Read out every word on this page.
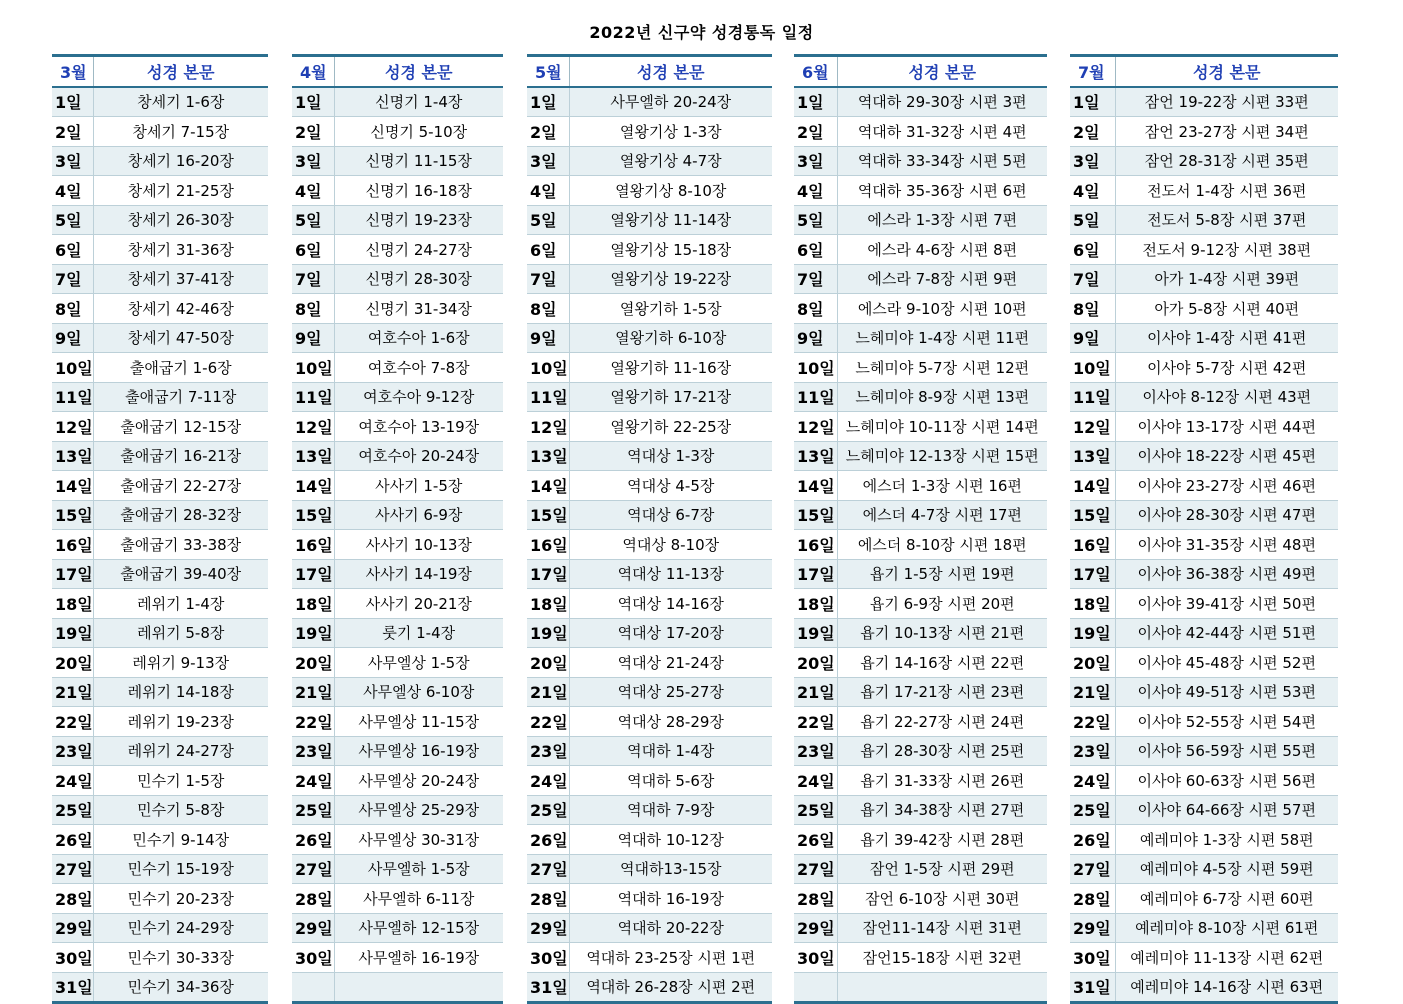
2022년 신구약 성경통독 일정
3월	성경 본문
1일	창세기 1-6장
2일	창세기 7-15장
3일	창세기 16-20장
4일	창세기 21-25장
5일	창세기 26-30장
6일	창세기 31-36장
7일	창세기 37-41장
8일	창세기 42-46장
9일	창세기 47-50장
10일	출애굽기 1-6장
11일	출애굽기 7-11장
12일	출애굽기 12-15장
13일	출애굽기 16-21장
14일	출애굽기 22-27장
15일	출애굽기 28-32장
16일	출애굽기 33-38장
17일	출애굽기 39-40장
18일	레위기 1-4장
19일	레위기 5-8장
20일	레위기 9-13장
21일	레위기 14-18장
22일	레위기 19-23장
23일	레위기 24-27장
24일	민수기 1-5장
25일	민수기 5-8장
26일	민수기 9-14장
27일	민수기 15-19장
28일	민수기 20-23장
29일	민수기 24-29장
30일	민수기 30-33장
31일	민수기 34-36장
4월	성경 본문
1일	신명기 1-4장
2일	신명기 5-10장
3일	신명기 11-15장
4일	신명기 16-18장
5일	신명기 19-23장
6일	신명기 24-27장
7일	신명기 28-30장
8일	신명기 31-34장
9일	여호수아 1-6장
10일	여호수아 7-8장
11일	여호수아 9-12장
12일	여호수아 13-19장
13일	여호수아 20-24장
14일	사사기 1-5장
15일	사사기 6-9장
16일	사사기 10-13장
17일	사사기 14-19장
18일	사사기 20-21장
19일	룻기 1-4장
20일	사무엘상 1-5장
21일	사무엘상 6-10장
22일	사무엘상 11-15장
23일	사무엘상 16-19장
24일	사무엘상 20-24장
25일	사무엘상 25-29장
26일	사무엘상 30-31장
27일	사무엘하 1-5장
28일	사무엘하 6-11장
29일	사무엘하 12-15장
30일	사무엘하 16-19장

5월	성경 본문
1일	사무엘하 20-24장
2일	열왕기상 1-3장
3일	열왕기상 4-7장
4일	열왕기상 8-10장
5일	열왕기상 11-14장
6일	열왕기상 15-18장
7일	열왕기상 19-22장
8일	열왕기하 1-5장
9일	열왕기하 6-10장
10일	열왕기하 11-16장
11일	열왕기하 17-21장
12일	열왕기하 22-25장
13일	역대상 1-3장
14일	역대상 4-5장
15일	역대상 6-7장
16일	역대상 8-10장
17일	역대상 11-13장
18일	역대상 14-16장
19일	역대상 17-20장
20일	역대상 21-24장
21일	역대상 25-27장
22일	역대상 28-29장
23일	역대하 1-4장
24일	역대하 5-6장
25일	역대하 7-9장
26일	역대하 10-12장
27일	역대하13-15장
28일	역대하 16-19장
29일	역대하 20-22장
30일	역대하 23-25장 시편 1편
31일	역대하 26-28장 시편 2편
6월	성경 본문
1일	역대하 29-30장 시편 3편
2일	역대하 31-32장 시편 4편
3일	역대하 33-34장 시편 5편
4일	역대하 35-36장 시편 6편
5일	에스라 1-3장 시편 7편
6일	에스라 4-6장 시편 8편
7일	에스라 7-8장 시편 9편
8일	에스라 9-10장 시편 10편
9일	느헤미야 1-4장 시편 11편
10일	느헤미야 5-7장 시편 12편
11일	느헤미야 8-9장 시편 13편
12일	느헤미야 10-11장 시편 14편
13일	느헤미야 12-13장 시편 15편
14일	에스더 1-3장 시편 16편
15일	에스더 4-7장 시편 17편
16일	에스더 8-10장 시편 18편
17일	욥기 1-5장 시편 19편
18일	욥기 6-9장 시편 20편
19일	욥기 10-13장 시편 21편
20일	욥기 14-16장 시편 22편
21일	욥기 17-21장 시편 23편
22일	욥기 22-27장 시편 24편
23일	욥기 28-30장 시편 25편
24일	욥기 31-33장 시편 26편
25일	욥기 34-38장 시편 27편
26일	욥기 39-42장 시편 28편
27일	잠언 1-5장 시편 29편
28일	잠언 6-10장 시편 30편
29일	잠언11-14장 시편 31편
30일	잠언15-18장 시편 32편

7월	성경 본문
1일	잠언 19-22장 시편 33편
2일	잠언 23-27장 시편 34편
3일	잠언 28-31장 시편 35편
4일	전도서 1-4장 시편 36편
5일	전도서 5-8장 시편 37편
6일	전도서 9-12장 시편 38편
7일	아가 1-4장 시편 39편
8일	아가 5-8장 시편 40편
9일	이사야 1-4장 시편 41편
10일	이사야 5-7장 시편 42편
11일	이사야 8-12장 시편 43편
12일	이사야 13-17장 시편 44편
13일	이사야 18-22장 시편 45편
14일	이사야 23-27장 시편 46편
15일	이사야 28-30장 시편 47편
16일	이사야 31-35장 시편 48편
17일	이사야 36-38장 시편 49편
18일	이사야 39-41장 시편 50편
19일	이사야 42-44장 시편 51편
20일	이사야 45-48장 시편 52편
21일	이사야 49-51장 시편 53편
22일	이사야 52-55장 시편 54편
23일	이사야 56-59장 시편 55편
24일	이사야 60-63장 시편 56편
25일	이사야 64-66장 시편 57편
26일	예레미야 1-3장 시편 58편
27일	예레미야 4-5장 시편 59편
28일	예레미야 6-7장 시편 60편
29일	예레미야 8-10장 시편 61편
30일	예레미야 11-13장 시편 62편
31일	예레미야 14-16장 시편 63편
